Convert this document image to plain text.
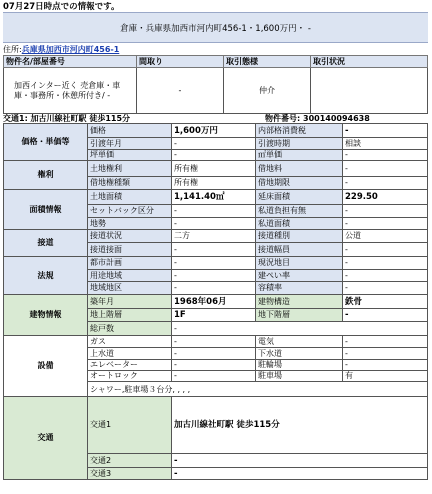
07月27日時点での情報です。
倉庫・兵庫県加西市河内町456-1・1,600万円・ -
住所:兵庫県加西市河内町456-1
物件名/部屋番号	間取り	取引態様	取引状況
加西インター近く 売倉庫・車庫・事務所・休憩所付き/ -	-	仲介	
交通1: 加古川線社町駅 徒歩115分	物件番号: 300140094638
価格・単価等	価格	1,600万円	内部格消費税	-
	引渡年月	-	引渡時期	相談
	坪単価	-	㎡単価	-
権利	土地権利	所有権	借地料	-
	借地権種類	所有権	借地期限	-
面積情報	土地面積	1,141.40㎡	延床面積	229.50
	セットバック区分	-	私道負担有無	-
	地勢	-	私道面積	-
接道	接道状況	二方	接道種別	公道
	接道接面	-	接道幅員	-
法規	都市計画	-	現況地目	-
	用途地域	-	建ぺい率	-
	地域地区	-	容積率	-
建物情報	築年月	1968年06月	建物構造	鉄骨
	地上階層	1F	地下階層	-
	総戸数	-		
設備	ガス	-	電気	-
	上水道	-	下水道	-
	エレベーター	-	駐輪場	-
	オートロック	-	駐車場	有
	シャワー,駐車場３台分, , , ,			
交通	交通1	加古川線社町駅 徒歩115分		
	交通2	-		
	交通3	-		
